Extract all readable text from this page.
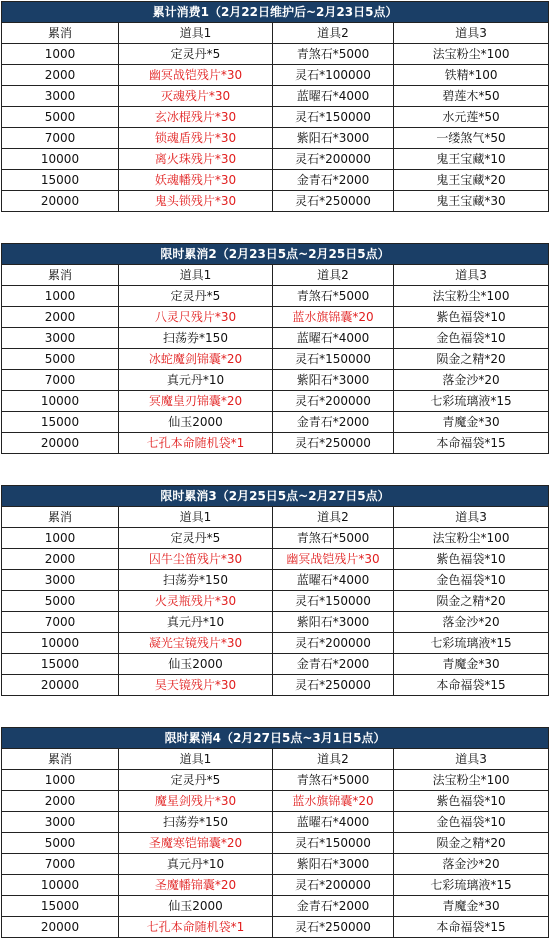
累计消费1（2月22日维护后~2月23日5点）			
累消	道具1	道具2	道具3
1000	定灵丹*5	青煞石*5000	法宝粉尘*100
2000	幽冥战铠残片*30	灵石*100000	铁精*100
3000	灭魂残片*30	蓝曜石*4000	碧莲木*50
5000	玄冰棍残片*30	灵石*150000	水元莲*50
7000	锁魂盾残片*30	紫阳石*3000	一缕煞气*50
10000	离火珠残片*30	灵石*200000	鬼王宝藏*10
15000	妖魂幡残片*30	金青石*2000	鬼王宝藏*20
20000	鬼头锁残片*30	灵石*250000	鬼王宝藏*30
限时累消2（2月23日5点~2月25日5点）			
累消	道具1	道具2	道具3
1000	定灵丹*5	青煞石*5000	法宝粉尘*100
2000	八灵尺残片*30	蓝水旗锦囊*20	紫色福袋*10
3000	扫荡券*150	蓝曜石*4000	金色福袋*10
5000	冰蛇魔剑锦囊*20	灵石*150000	陨金之精*20
7000	真元丹*10	紫阳石*3000	落金沙*20
10000	冥魔皇刃锦囊*20	灵石*200000	七彩琉璃液*15
15000	仙玉2000	金青石*2000	青魔金*30
20000	七孔本命随机袋*1	灵石*250000	本命福袋*15
限时累消3（2月25日5点~2月27日5点）			
累消	道具1	道具2	道具3
1000	定灵丹*5	青煞石*5000	法宝粉尘*100
2000	囚牛尘笛残片*30	幽冥战铠残片*30	紫色福袋*10
3000	扫荡券*150	蓝曜石*4000	金色福袋*10
5000	火灵瓶残片*30	灵石*150000	陨金之精*20
7000	真元丹*10	紫阳石*3000	落金沙*20
10000	凝光宝镜残片*30	灵石*200000	七彩琉璃液*15
15000	仙玉2000	金青石*2000	青魔金*30
20000	昊天镜残片*30	灵石*250000	本命福袋*15
限时累消4（2月27日5点~3月1日5点）			
累消	道具1	道具2	道具3
1000	定灵丹*5	青煞石*5000	法宝粉尘*100
2000	魔星剑残片*30	蓝水旗锦囊*20	紫色福袋*10
3000	扫荡券*150	蓝曜石*4000	金色福袋*10
5000	圣魔寒铠锦囊*20	灵石*150000	陨金之精*20
7000	真元丹*10	紫阳石*3000	落金沙*20
10000	圣魔幡锦囊*20	灵石*200000	七彩琉璃液*15
15000	仙玉2000	金青石*2000	青魔金*30
20000	七孔本命随机袋*1	灵石*250000	本命福袋*15
